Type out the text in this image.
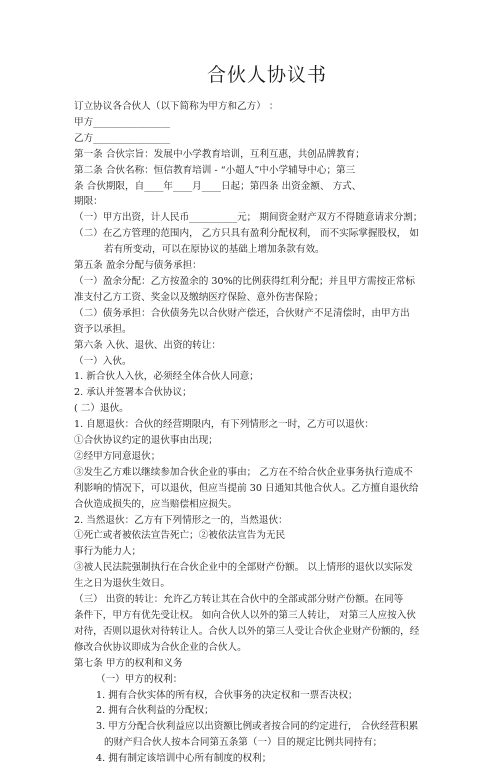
合伙人协议书
订立协议各合伙人（以下简称为甲方和乙方） ：
甲方________________
乙方________________
第一条 合伙宗旨：发展中小学教育培训，互利互惠，共创品牌教育；
第二条 合伙名称：恒信教育培训 - “小超人”中小学辅导中心；第三
条 合伙期限，自____年____月____日起；第四条 出资金额、 方式、
期限：
（一）甲方出资，计人民币__________元； 期间资金财产双方不得随意请求分割；
（二）在乙方管理的范围内， 乙方只具有盈利分配权利， 而不实际掌握股权， 如
若有所变动，可以在原协议的基础上增加条款有效。
第五条 盈余分配与债务承担：
（一）盈余分配：乙方按盈余的 30%的比例获得红利分配；并且甲方需按正常标
准支付乙方工资、奖金以及缴纳医疗保险、意外伤害保险；
（二）债务承担：合伙债务先以合伙财产偿还，合伙财产不足清偿时，由甲方出
资予以承担。
第六条 入伙、退伙、出资的转让：
（一）入伙。
1. 新合伙人入伙，必须经全体合伙人同意；
2. 承认并签署本合伙协议；
( 二）退伙。
1. 自愿退伙：合伙的经营期限内，有下列情形之一时，乙方可以退伙：
①合伙协议约定的退伙事由出现；
②经甲方同意退伙；
③发生乙方难以继续参加合伙企业的事由； 乙方在不给合伙企业事务执行造成不
利影响的情况下，可以退伙，但应当提前 30 日通知其他合伙人。乙方擅自退伙给
合伙造成损失的，应当赔偿相应损失。
2. 当然退伙：乙方有下列情形之一的，当然退伙：
①死亡或者被依法宣告死亡；②被依法宣告为无民
事行为能力人；
③被人民法院强制执行在合伙企业中的全部财产份额。 以上情形的退伙以实际发
生之日为退伙生效日。
（三） 出资的转让：允许乙方转让其在合伙中的全部或部分财产份额。在同等
条件下，甲方有优先受让权。 如向合伙人以外的第三人转让， 对第三人应按入伙
对待，否则以退伙对待转让人。合伙人以外的第三人受让合伙企业财产份额的，经
修改合伙协议即成为合伙企业的合伙人。
第七条 甲方的权利和义务
（一）甲方的权利：
1. 拥有合伙实体的所有权，合伙事务的决定权和一票否决权；
2. 拥有合伙利益的分配权；
3. 甲方分配合伙利益应以出资额比例或者按合同的约定进行， 合伙经营积累
的财产归合伙人按本合同第五条第（一）目的规定比例共同持有；
4. 拥有制定该培训中心所有制度的权利；
